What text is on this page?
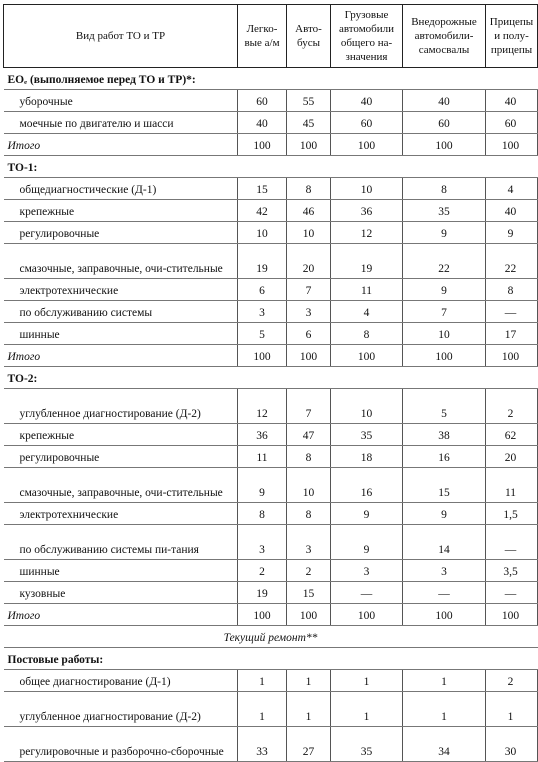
Вид работ ТО и ТР	Легко-вые а/м	Авто-бусы	Грузовые автомобили общего на-значения	Внедорожные автомобили-самосвалы	Прицепы и полу-прицепы
ЕОₑ (выполняемое перед ТО и ТР)*:					
уборочные	60	55	40	40	40
моечные по двигателю и шасси	40	45	60	60	60
Итого	100	100	100	100	100
ТО-1:					
общедиагностические (Д-1)	15	8	10	8	4
крепежные	42	46	36	35	40
регулировочные	10	10	12	9	9
смазочные, заправочные, очи-стительные	19	20	19	22	22
электротехнические	6	7	11	9	8
по обслуживанию системы	3	3	4	7	—
шинные	5	6	8	10	17
Итого	100	100	100	100	100
ТО-2:					
углубленное диагностирование (Д-2)	12	7	10	5	2
крепежные	36	47	35	38	62
регулировочные	11	8	18	16	20
смазочные, заправочные, очи-стительные	9	10	16	15	11
электротехнические	8	8	9	9	1,5
по обслуживанию системы пи-тания	3	3	9	14	—
шинные	2	2	3	3	3,5
кузовные	19	15	—	—	—
Итого	100	100	100	100	100
Текущий ремонт**					
Постовые работы:					
общее диагностирование (Д-1)	1	1	1	1	2
углубленное диагностирование (Д-2)	1	1	1	1	1
регулировочные и разборочно-сборочные	33	27	35	34	30
